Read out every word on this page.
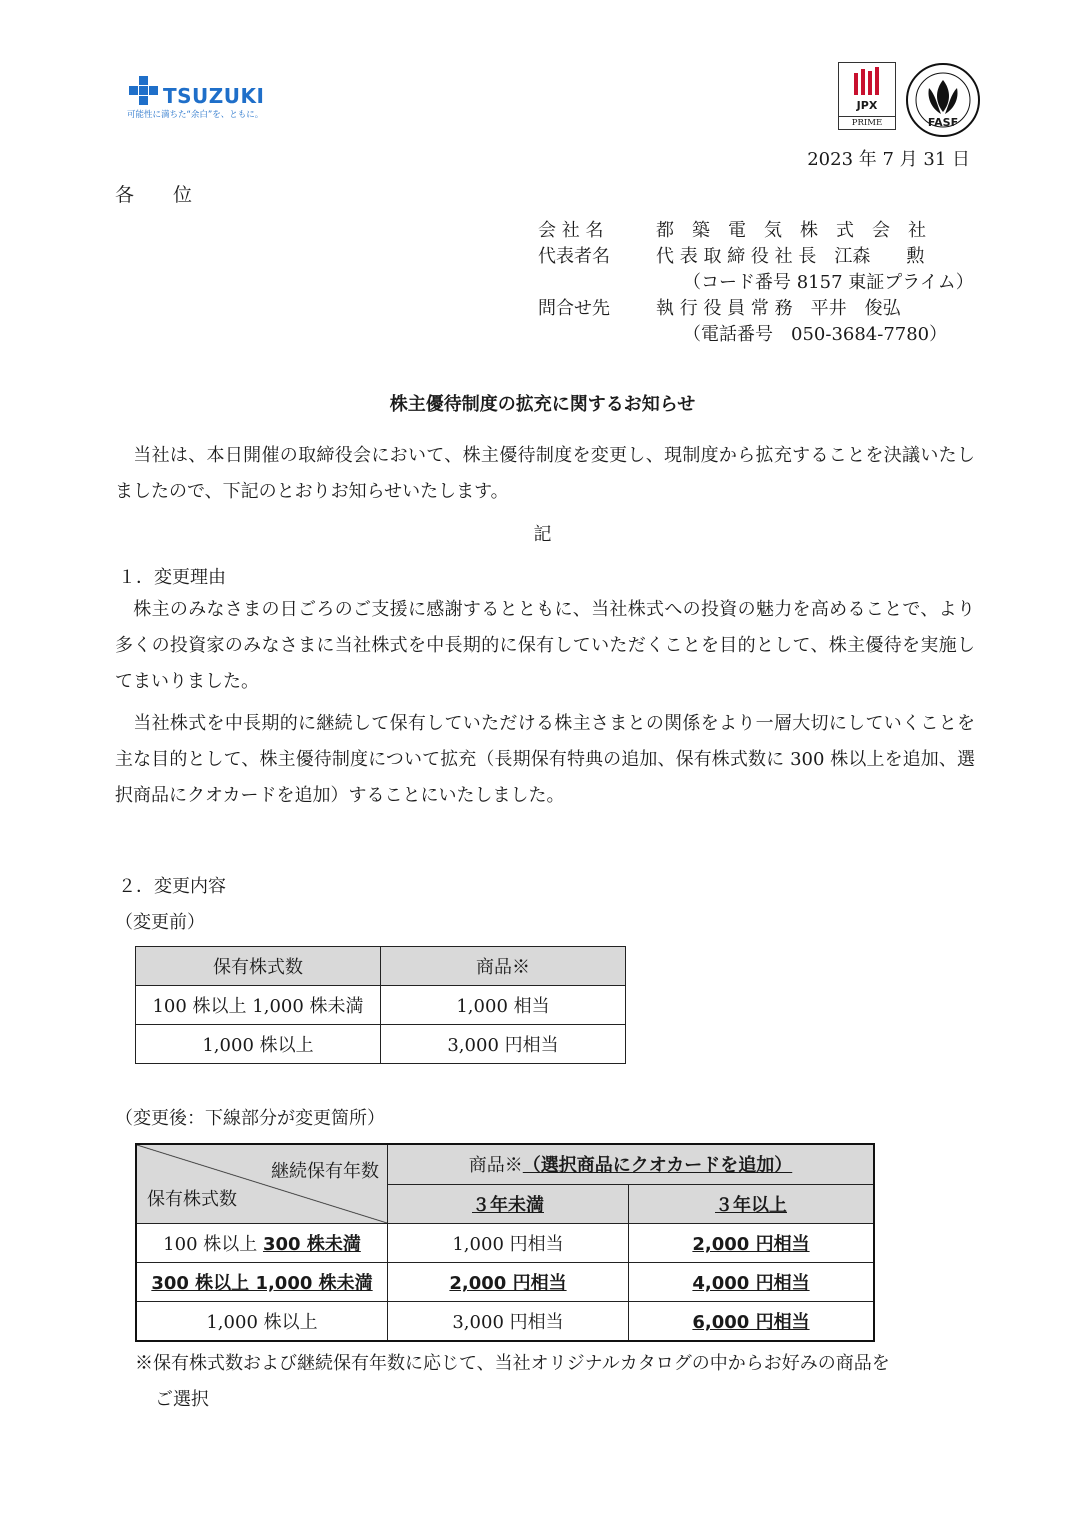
TSUZUKI
可能性に満ちた“余白”を、ともに。
JPX
PRIME	FASF
2023 年 7 月 31 日
各　位
会 社 名	都　築　電　気　株　式　会　社
代表者名	代 表 取 締 役 社 長　江森　　勲
　　（コード番号 8157 東証プライム）
問合せ先	執 行 役 員 常 務　平井　俊弘
　　（電話番号　050-3684-7780）
株主優待制度の拡充に関するお知らせ
　当社は、本日開催の取締役会において、株主優待制度を変更し、現制度から拡充することを決議いたしましたので、下記のとおりお知らせいたします。
記
１．変更理由
　株主のみなさまの日ごろのご支援に感謝するとともに、当社株式への投資の魅力を高めることで、より多くの投資家のみなさまに当社株式を中長期的に保有していただくことを目的として、株主優待を実施してまいりました。
　当社株式を中長期的に継続して保有していただける株主さまとの関係をより一層大切にしていくことを主な目的として、株主優待制度について拡充（長期保有特典の追加、保有株式数に 300 株以上を追加、選択商品にクオカードを追加）することにいたしました。
２．変更内容
（変更前）
保有株式数	商品※
100 株以上 1,000 株未満	1,000 相当
1,000 株以上	3,000 円相当
（変更後：下線部分が変更箇所）
継続保有年数
保有株式数	商品※（選択商品にクオカードを追加）	
	３年未満	３年以上
100 株以上 300 株未満	1,000 円相当	2,000 円相当
300 株以上 1,000 株未満	2,000 円相当	4,000 円相当
1,000 株以上	3,000 円相当	6,000 円相当
※保有株式数および継続保有年数に応じて、当社オリジナルカタログの中からお好みの商品を
ご選択
